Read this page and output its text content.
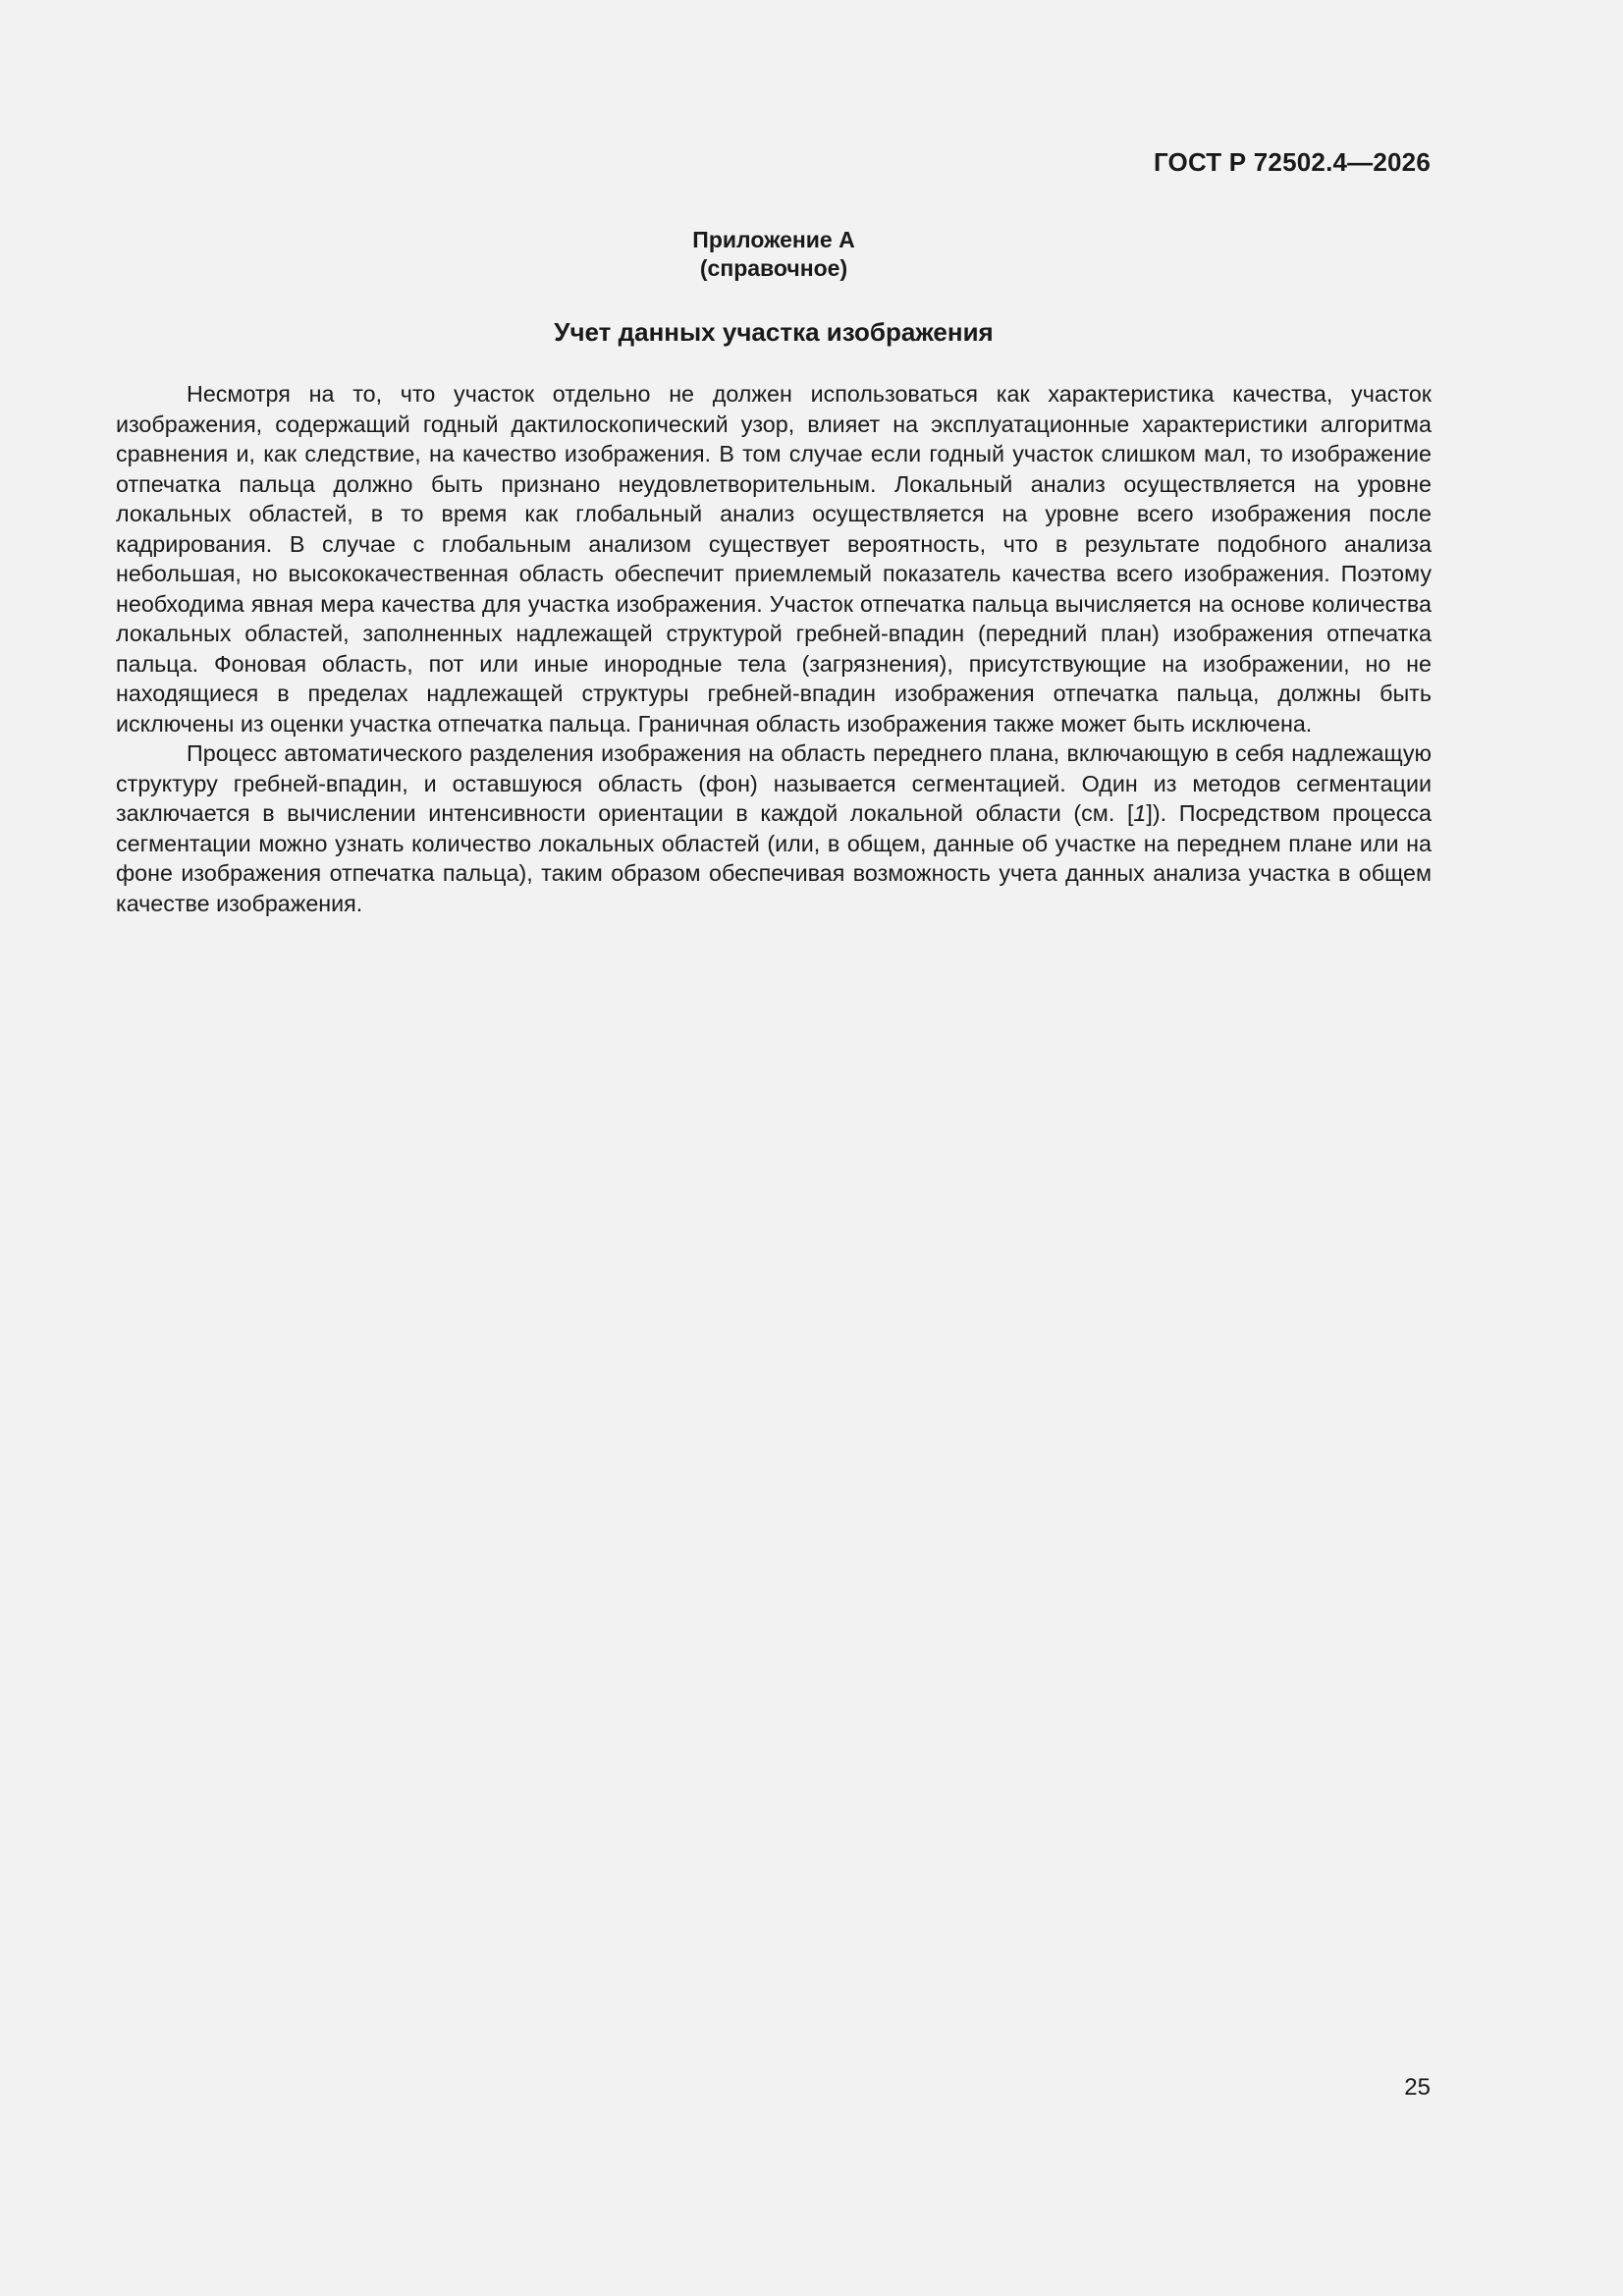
ГОСТ Р 72502.4—2026
Приложение А
(справочное)
Учет данных участка изображения

Несмотря на то, что участок отдельно не должен использоваться как характеристика качества, участок изображения, содержащий годный дактилоскопический узор, влияет на эксплуатационные характеристики алгоритма сравнения и, как следствие, на качество изображения. В том случае если годный участок слишком мал, то изображение отпечатка пальца должно быть признано неудовлетворительным. Локальный анализ осуществляется на уровне локальных областей, в то время как глобальный анализ осуществляется на уровне всего изображения после кадрирования. В случае с глобальным анализом существует вероятность, что в результате подобного анализа небольшая, но высококачественная область обеспечит приемлемый показатель качества всего изображения. Поэтому необходима явная мера качества для участка изображения. Участок отпечатка пальца вычисляется на основе количества локальных областей, заполненных надлежащей структурой гребней-впадин (передний план) изображения отпечатка пальца. Фоновая область, пот или иные инородные тела (загрязнения), присутствующие на изображении, но не находящиеся в пределах надлежащей структуры гребней-впадин изображения отпечатка пальца, должны быть исключены из оценки участка отпечатка пальца. Граничная область изображения также может быть исключена.

Процесс автоматического разделения изображения на область переднего плана, включающую в себя надлежащую структуру гребней-впадин, и оставшуюся область (фон) называется сегментацией. Один из методов сегментации заключается в вычислении интенсивности ориентации в каждой локальной области (см. [1]). Посредством процесса сегментации можно узнать количество локальных областей (или, в общем, данные об участке на переднем плане или на фоне изображения отпечатка пальца), таким образом обеспечивая возможность учета данных анализа участка в общем качестве изображения.

25
